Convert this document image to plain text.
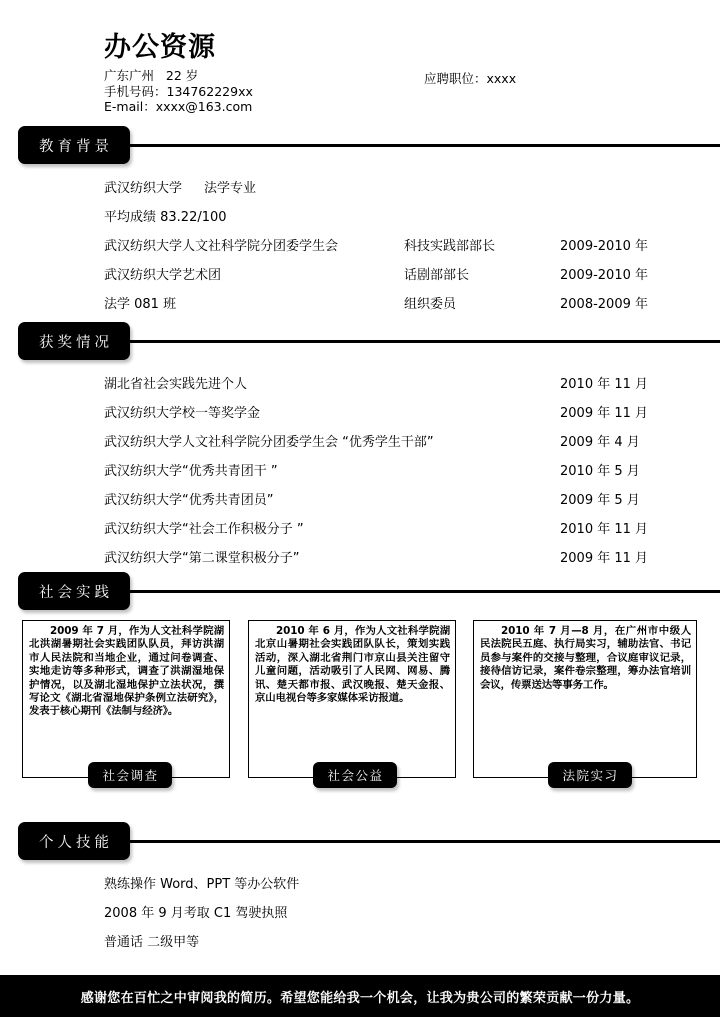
办公资源
广东广州   22 岁
手机号码：134762229xx
E-mail：xxxx@163.com
应聘职位：xxxx
教育背景
武汉纺织大学 法学专业
平均成绩 83.22/100
武汉纺织大学人文社科学院分团委学生会	科技实践部部长	2009-2010 年
武汉纺织大学艺术团	话剧部部长	2009-2010 年
法学 081 班	组织委员	2008-2009 年
获奖情况
湖北省社会实践先进个人	2010 年 11 月
武汉纺织大学校一等奖学金	2009 年 11 月
武汉纺织大学人文社科学院分团委学生会 “优秀学生干部”	2009 年 4 月
武汉纺织大学“优秀共青团干 ”	2010 年 5 月
武汉纺织大学“优秀共青团员”	2009 年 5 月
武汉纺织大学“社会工作积极分子 ”	2010 年 11 月
武汉纺织大学“第二课堂积极分子”	2009 年 11 月
社会实践

2009 年 7 月，作为人文社科学院湖北洪湖暑期社会实践团队队员，拜访洪湖市人民法院和当地企业，通过问卷调查、实地走访等多种形式，调查了洪湖湿地保护情况，以及湖北湿地保护立法状况，撰写论文《湖北省湿地保护条例立法研究》，发表于核心期刊《法制与经济》。

2010 年 6 月，作为人文社科学院湖北京山暑期社会实践团队队长，策划实践活动，深入湖北省荆门市京山县关注留守儿童问题，活动吸引了人民网、网易、腾讯、楚天都市报、武汉晚报、楚天金报、京山电视台等多家媒体采访报道。

2010 年 7 月—8 月，在广州市中级人民法院民五庭、执行局实习，辅助法官、书记员参与案件的交接与整理，合议庭审议记录，接待信访记录，案件卷宗整理，筹办法官培训会议，传票送达等事务工作。

社会调查	社会公益	法院实习
个人技能
熟练操作 Word、PPT 等办公软件
2008 年 9 月考取 C1 驾驶执照
普通话 二级甲等
感谢您在百忙之中审阅我的简历。希望您能给我一个机会，让我为贵公司的繁荣贡献一份力量。
